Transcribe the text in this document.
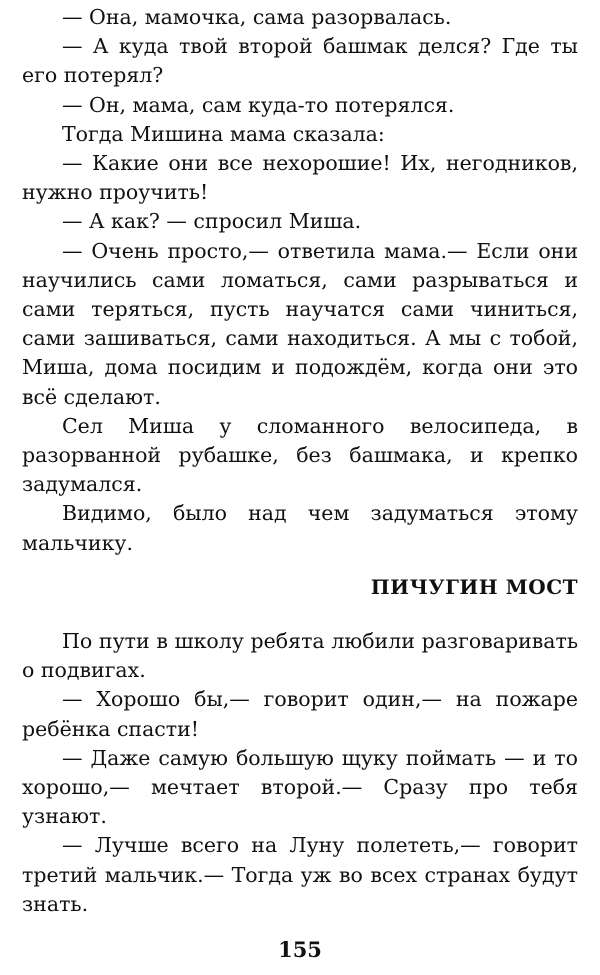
— Она, мамочка, сама разорвалась.

— А куда твой второй башмак делся? Где ты его потерял?

— Он, мама, сам куда-то потерялся.

Тогда Мишина мама сказала:

— Какие они все нехорошие! Их, негодников, нужно проучить!

— А как? — спросил Миша.

— Очень просто,— ответила мама.— Если они научились сами ломаться, сами разрываться и сами теряться, пусть научатся сами чиниться, сами зашиваться, сами находиться. А мы с тобой, Миша, дома посидим и подождём, когда они это всё сделают.

Сел Миша у сломанного велосипеда, в разорванной рубашке, без башмака, и крепко задумался.

Видимо, было над чем задуматься этому мальчику.

ПИЧУГИН МОСТ

По пути в школу ребята любили разговаривать о подвигах.

— Хорошо бы,— говорит один,— на пожаре ребёнка спасти!

— Даже самую большую щуку поймать — и то хорошо,— мечтает второй.— Сразу про тебя узнают.

— Лучше всего на Луну полететь,— говорит третий мальчик.— Тогда уж во всех странах будут знать.

155
